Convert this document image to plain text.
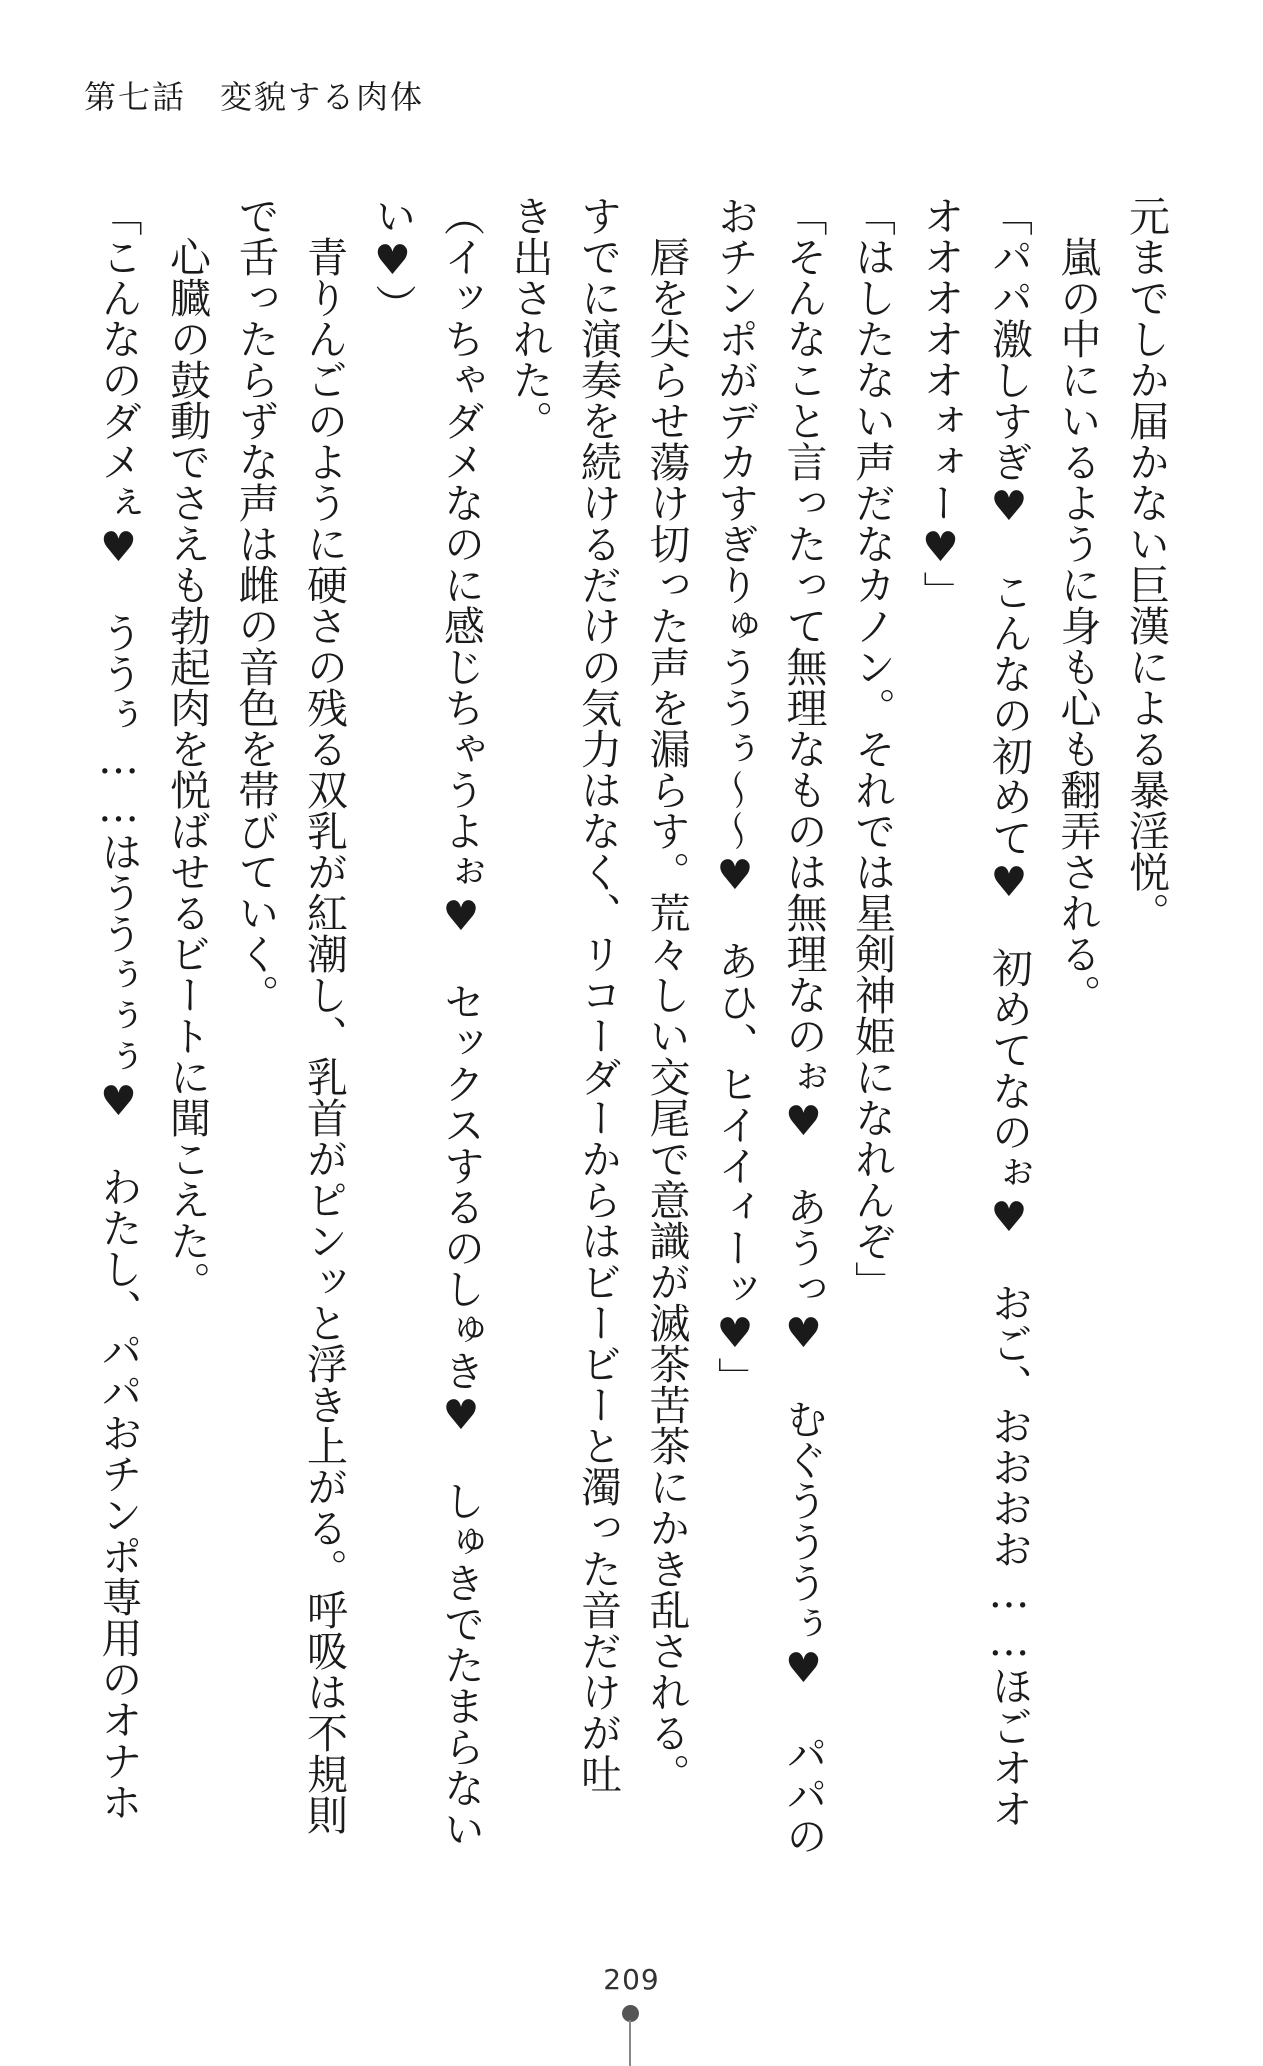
第七話　変貌する肉体
元までしか届かない巨漢による暴淫悦。
　嵐の中にいるように身も心も翻弄される。
「パパ激しすぎ♥　こんなの初めて♥　初めてなのぉ♥　おご、おおおお……ほごオオ
オオオオオォォー♥」
「はしたない声だなカノン。それでは星剣神姫になれんぞ」
「そんなこと言ったって無理なものは無理なのぉ♥　あうっ♥　むぐうううぅ♥　パパの
おチンポがデカすぎりゅううぅ〜〜♥　あひ、ヒイイィーッ♥」
　唇を尖らせ蕩け切った声を漏らす。荒々しい交尾で意識が滅茶苦茶にかき乱される。
すでに演奏を続けるだけの気力はなく、リコーダーからはビービーと濁った音だけが吐
き出された。
（イッちゃダメなのに感じちゃうよぉ♥　セックスするのしゅき♥　しゅきでたまらない
い♥）
　青りんごのように硬さの残る双乳が紅潮し、乳首がピンッと浮き上がる。呼吸は不規則
で舌ったらずな声は雌の音色を帯びていく。
　心臓の鼓動でさえも勃起肉を悦ばせるビートに聞こえた。
「こんなのダメぇ♥　ううぅ……はううぅぅぅ♥　わたし、パパおチンポ専用のオナホ
209
